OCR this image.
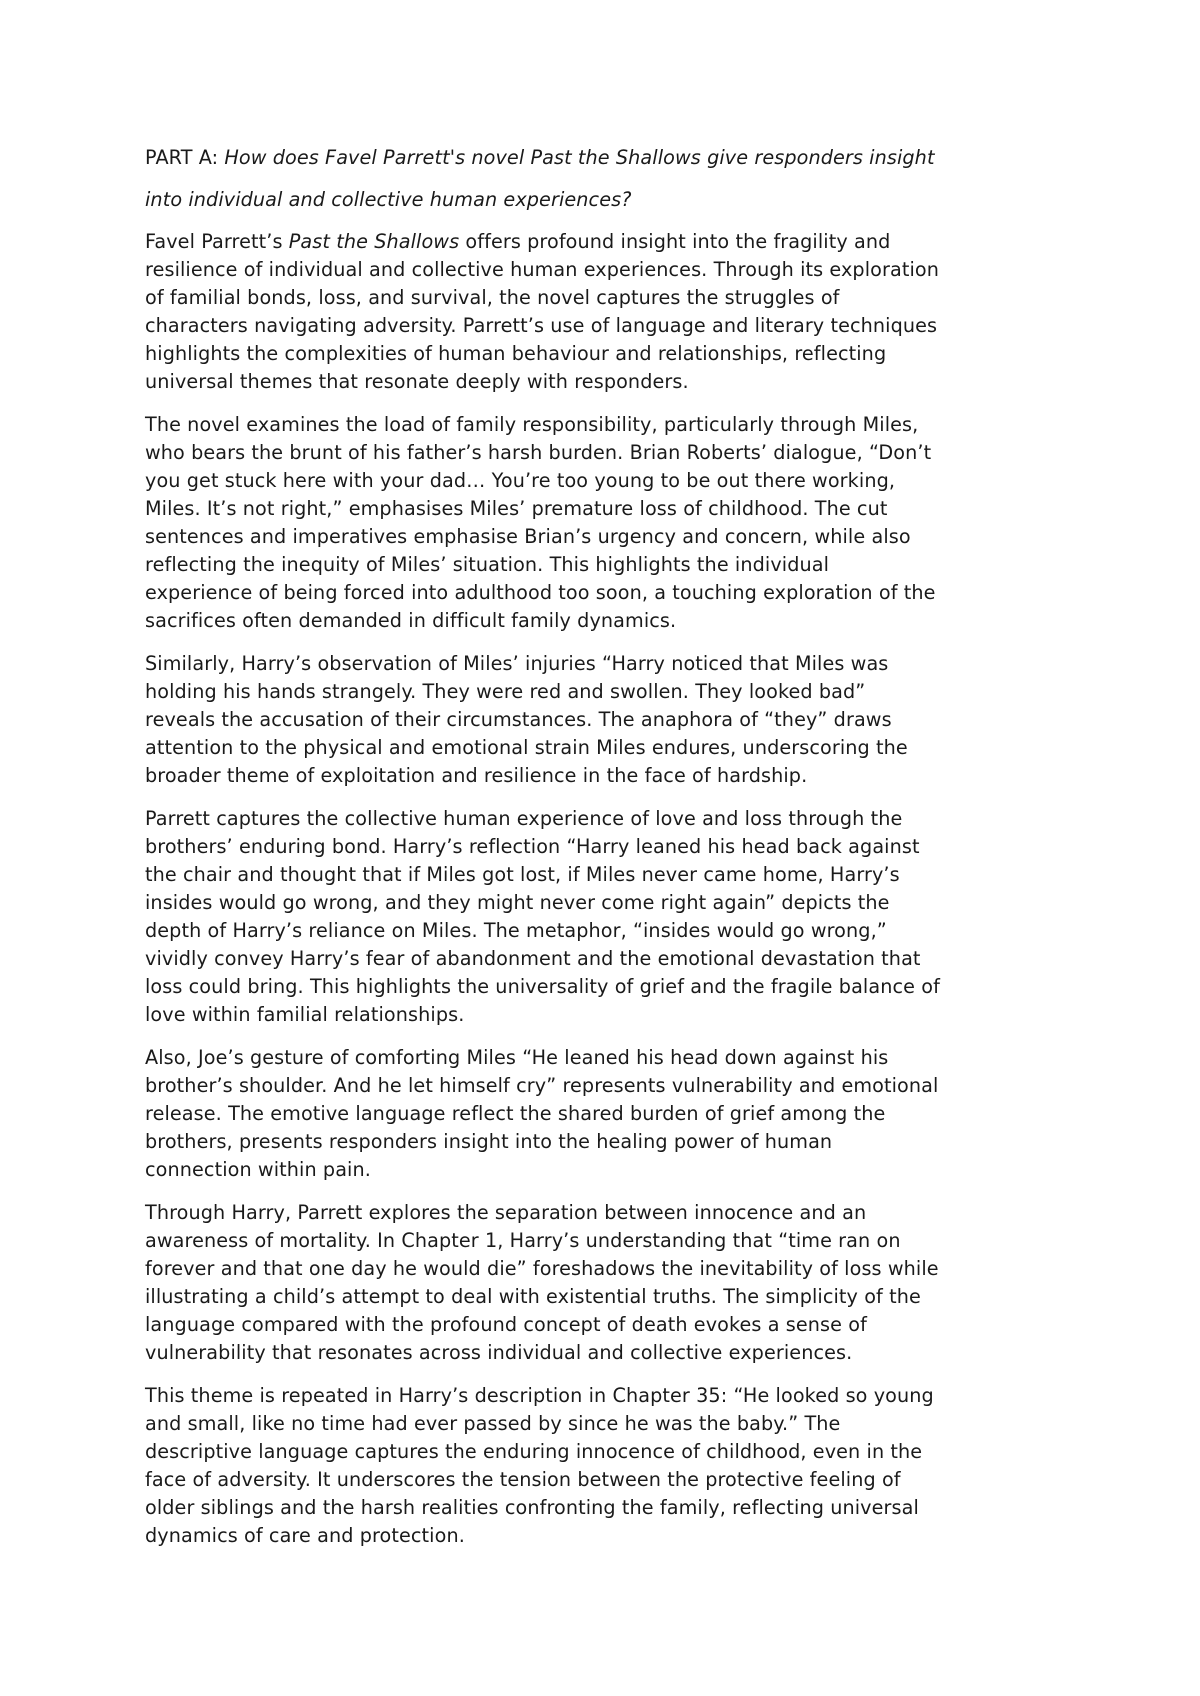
PART A: How does Favel Parrett's novel Past the Shallows give responders insight

into individual and collective human experiences?

Favel Parrett’s Past the Shallows offers profound insight into the fragility and
resilience of individual and collective human experiences. Through its exploration
of familial bonds, loss, and survival, the novel captures the struggles of
characters navigating adversity. Parrett’s use of language and literary techniques
highlights the complexities of human behaviour and relationships, reflecting
universal themes that resonate deeply with responders.

The novel examines the load of family responsibility, particularly through Miles,
who bears the brunt of his father’s harsh burden. Brian Roberts’ dialogue, “Don’t
you get stuck here with your dad… You’re too young to be out there working,
Miles. It’s not right,” emphasises Miles’ premature loss of childhood. The cut
sentences and imperatives emphasise Brian’s urgency and concern, while also
reflecting the inequity of Miles’ situation. This highlights the individual
experience of being forced into adulthood too soon, a touching exploration of the
sacrifices often demanded in difficult family dynamics.

Similarly, Harry’s observation of Miles’ injuries “Harry noticed that Miles was
holding his hands strangely. They were red and swollen. They looked bad”
reveals the accusation of their circumstances. The anaphora of “they” draws
attention to the physical and emotional strain Miles endures, underscoring the
broader theme of exploitation and resilience in the face of hardship.

Parrett captures the collective human experience of love and loss through the
brothers’ enduring bond. Harry’s reflection “Harry leaned his head back against
the chair and thought that if Miles got lost, if Miles never came home, Harry’s
insides would go wrong, and they might never come right again” depicts the
depth of Harry’s reliance on Miles. The metaphor, “insides would go wrong,”
vividly convey Harry’s fear of abandonment and the emotional devastation that
loss could bring. This highlights the universality of grief and the fragile balance of
love within familial relationships.

Also, Joe’s gesture of comforting Miles “He leaned his head down against his
brother’s shoulder. And he let himself cry” represents vulnerability and emotional
release. The emotive language reflect the shared burden of grief among the
brothers, presents responders insight into the healing power of human
connection within pain.

Through Harry, Parrett explores the separation between innocence and an
awareness of mortality. In Chapter 1, Harry’s understanding that “time ran on
forever and that one day he would die” foreshadows the inevitability of loss while
illustrating a child’s attempt to deal with existential truths. The simplicity of the
language compared with the profound concept of death evokes a sense of
vulnerability that resonates across individual and collective experiences.

This theme is repeated in Harry’s description in Chapter 35: “He looked so young
and small, like no time had ever passed by since he was the baby.” The
descriptive language captures the enduring innocence of childhood, even in the
face of adversity. It underscores the tension between the protective feeling of
older siblings and the harsh realities confronting the family, reflecting universal
dynamics of care and protection.
